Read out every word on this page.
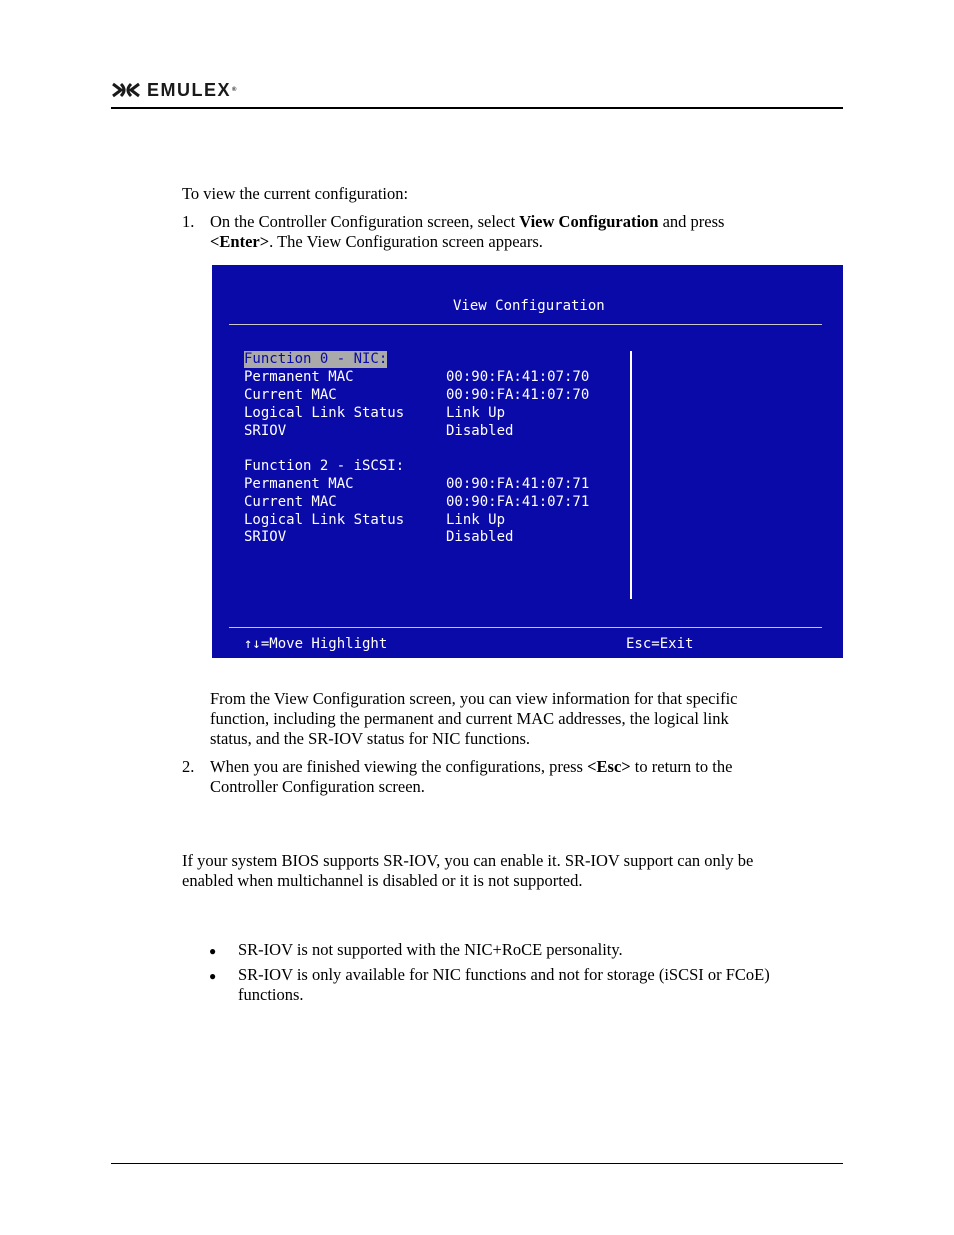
EMULEX ®
To view the current configuration:
1. On the Controller Configuration screen, select View Configuration and press
<Enter>. The View Configuration screen appears.
View Configuration
Function 0 - NIC:
Permanent MAC	00:90:FA:41:07:70
Current MAC	00:90:FA:41:07:70
Logical Link Status	Link Up
SRIOV	Disabled
Function 2 - iSCSI:
Permanent MAC	00:90:FA:41:07:71
Current MAC	00:90:FA:41:07:71
Logical Link Status	Link Up
SRIOV	Disabled
↑↓=Move Highlight	Esc=Exit
From the View Configuration screen, you can view information for that specific
function, including the permanent and current MAC addresses, the logical link
status, and the SR-IOV status for NIC functions.
2. When you are finished viewing the configurations, press <Esc> to return to the
Controller Configuration screen.
If your system BIOS supports SR-IOV, you can enable it. SR-IOV support can only be
enabled when multichannel is disabled or it is not supported.
● SR-IOV is not supported with the NIC+RoCE personality.
● SR-IOV is only available for NIC functions and not for storage (iSCSI or FCoE)
functions.
